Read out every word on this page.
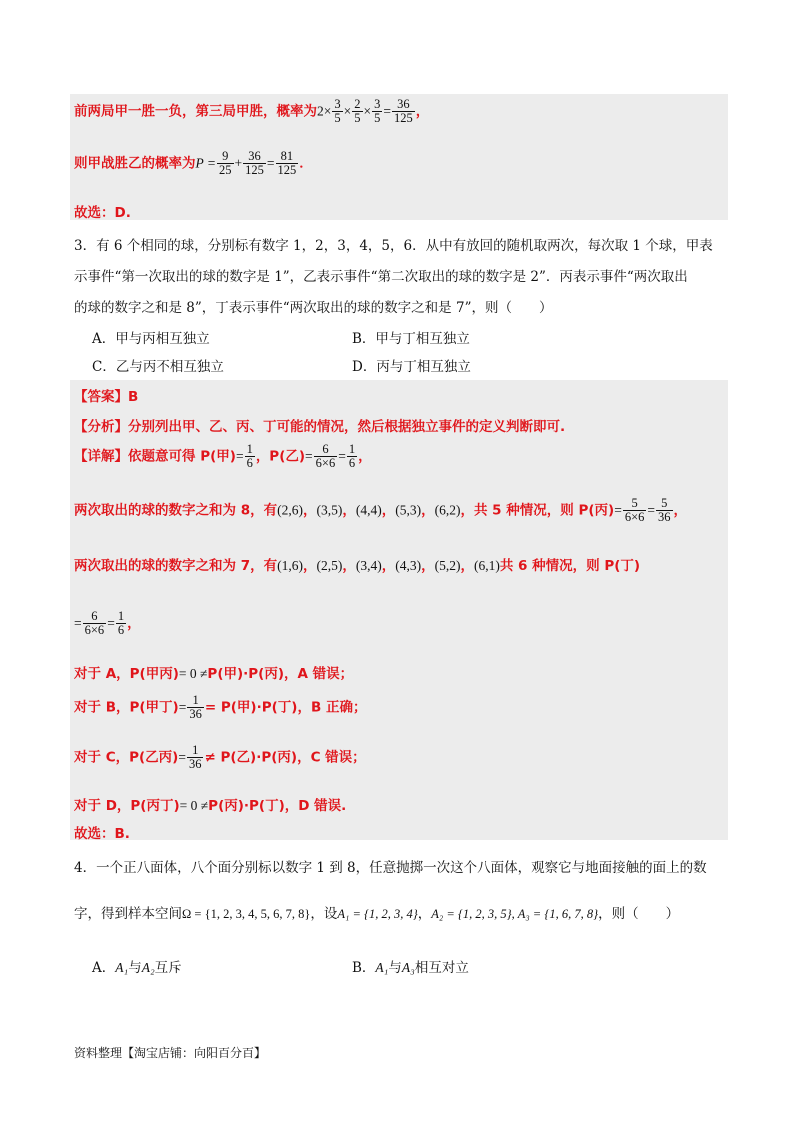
前两局甲一胜一负，第三局甲胜，概率为$2\times \frac{3}{5} \times \frac{2}{5} \times \frac{3}{5} = \frac{36}{125}$ ，
则甲战胜乙的概率为$P = \frac{9}{25} + \frac{36}{125} = \frac{81}{125}$ ．
故选：D.
3．有 6 个相同的球，分别标有数字 1，2，3，4，5，6．从中有放回的随机取两次，每次取 1 个球，甲表
示事件“第一次取出的球的数字是 1”，乙表示事件“第二次取出的球的数字是 2”．丙表示事件“两次取出
的球的数字之和是 8”，丁表示事件“两次取出的球的数字之和是 7”，则（　　）
A．甲与丙相互独立	B．甲与丁相互独立
C．乙与丙不相互独立	D．丙与丁相互独立
【答案】B
【分析】分别列出甲、乙、丙、丁可能的情况，然后根据独立事件的定义判断即可.
【详解】依题意可得 P(甲)= $\frac{1}{6}$ ，P(乙)= $\frac{6}{6\times 6} = \frac{1}{6}$ ，
两次取出的球的数字之和为 8，有(2,6)，(3,5)，(4,4)，(5,3)，(6,2)，共 5 种情况，则 P(丙)= $\frac{5}{6\times 6} = \frac{5}{36}$ ，
两次取出的球的数字之和为 7，有(1,6)，(2,5)，(3,4)，(4,3)，(5,2)，(6,1)共 6 种情况，则 P(丁)
= $\frac{6}{6\times 6} = \frac{1}{6}$ ，
对于 A，P(甲丙)= 0 ≠P(甲)·P(丙)，A 错误；
对于 B，P(甲丁)= $\frac{1}{36} = P$(甲)·P(丁)，B 正确；
对于 C，P(乙丙)= $\frac{1}{36} \ne P$(乙)·P(丙)，C 错误；
对于 D，P(丙丁)= 0 ≠P(丙)·P(丁)，D 错误.
故选：B.
4．一个正八面体，八个面分别标以数字 1 到 8，任意抛掷一次这个八面体，观察它与地面接触的面上的数
字，得到样本空间Ω = {1, 2, 3, 4, 5, 6, 7, 8}，设A₁ = {1, 2, 3, 4}，A₂ = {1, 2, 3, 5}, A₃ = {1, 6, 7, 8}，则（　　）
A．A₁与A₂互斥	B．A₁与A₃相互对立
资料整理【淘宝店铺：向阳百分百】
